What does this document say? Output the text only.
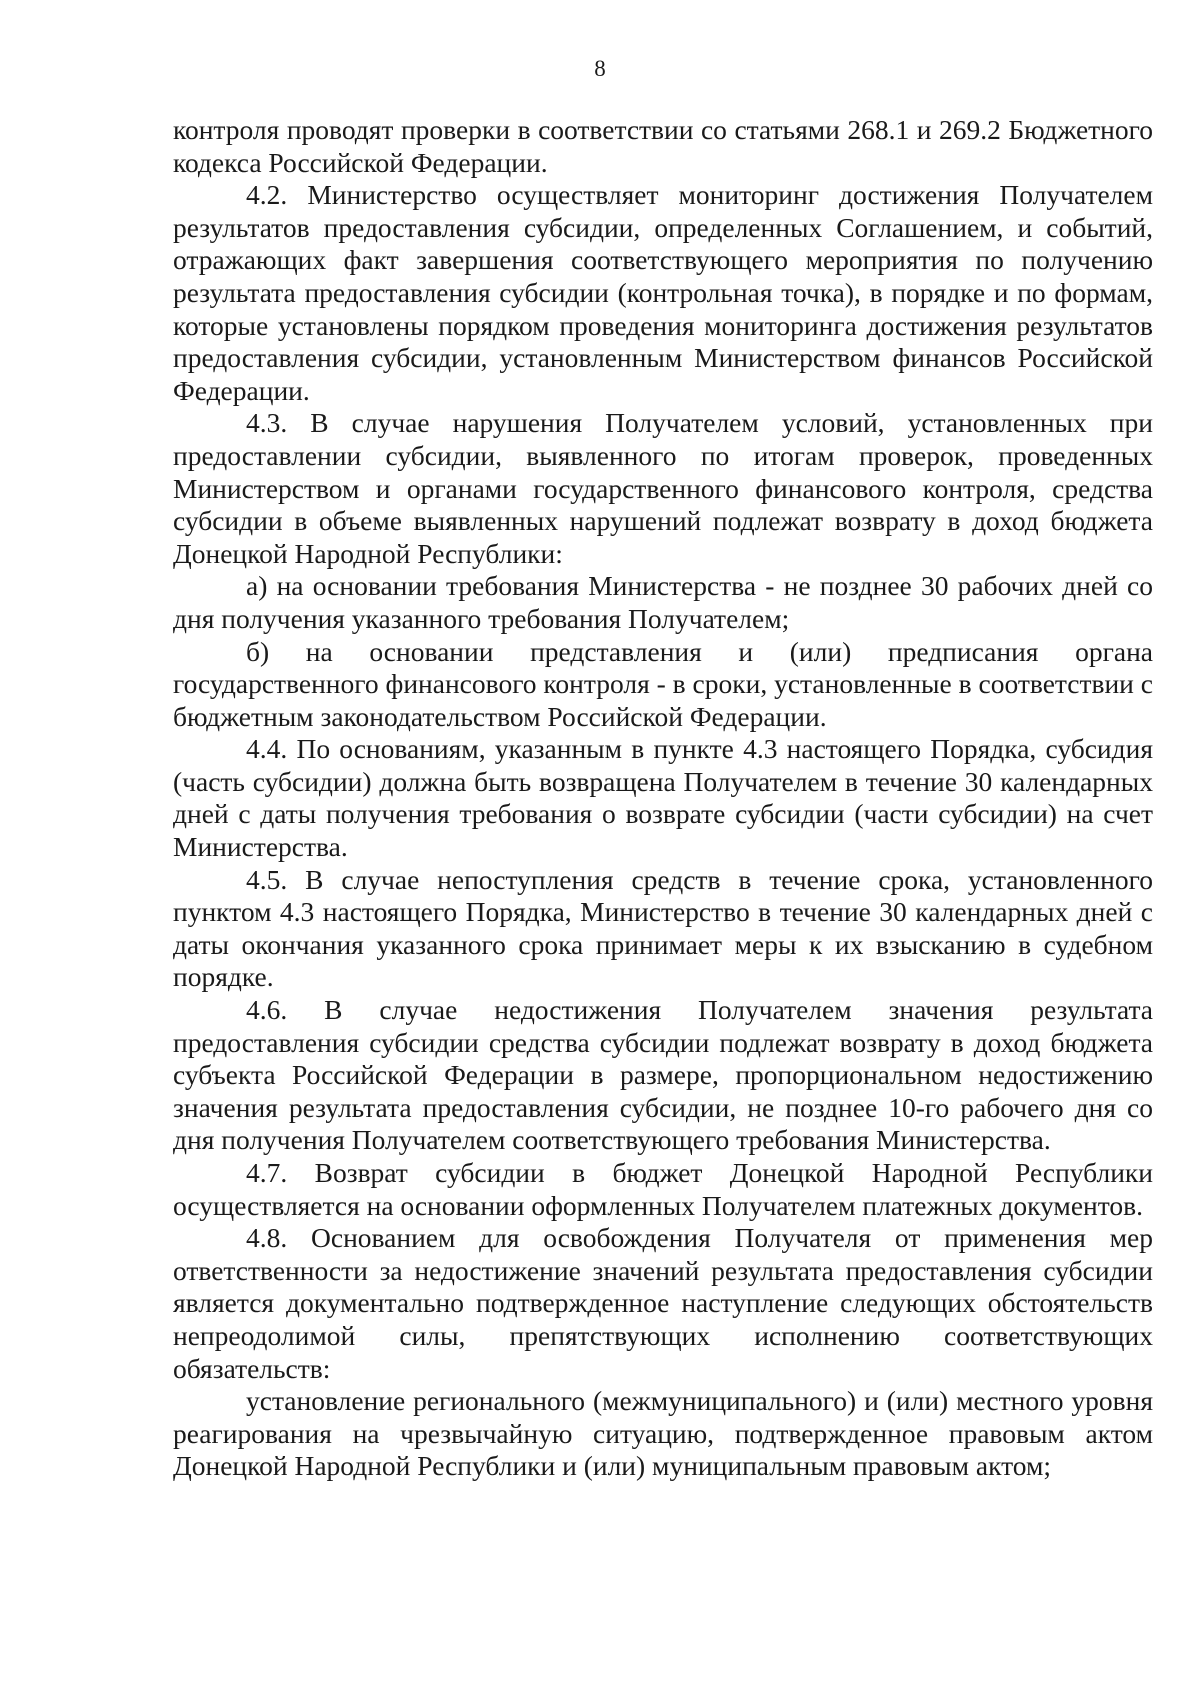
8

контроля проводят проверки в соответствии со статьями 268.1 и 269.2 Бюджетного кодекса Российской Федерации.

4.2. Министерство осуществляет мониторинг достижения Получателем результатов предоставления субсидии, определенных Соглашением, и событий, отражающих факт завершения соответствующего мероприятия по получению результата предоставления субсидии (контрольная точка), в порядке и по формам, которые установлены порядком проведения мониторинга достижения результатов предоставления субсидии, установленным Министерством финансов Российской Федерации.

4.3. В случае нарушения Получателем условий, установленных при предоставлении субсидии, выявленного по итогам проверок, проведенных Министерством и органами государственного финансового контроля, средства субсидии в объеме выявленных нарушений подлежат возврату в доход бюджета Донецкой Народной Республики:

а) на основании требования Министерства - не позднее 30 рабочих дней со дня получения указанного требования Получателем;

б) на основании представления и (или) предписания органа государственного финансового контроля - в сроки, установленные в соответствии с бюджетным законодательством Российской Федерации.

4.4. По основаниям, указанным в пункте 4.3 настоящего Порядка, субсидия (часть субсидии) должна быть возвращена Получателем в течение 30 календарных дней с даты получения требования о возврате субсидии (части субсидии) на счет Министерства.

4.5. В случае непоступления средств в течение срока, установленного пунктом 4.3 настоящего Порядка, Министерство в течение 30 календарных дней с даты окончания указанного срока принимает меры к их взысканию в судебном порядке.

4.6. В случае недостижения Получателем значения результата предоставления субсидии средства субсидии подлежат возврату в доход бюджета субъекта Российской Федерации в размере, пропорциональном недостижению значения результата предоставления субсидии, не позднее 10-го рабочего дня со дня получения Получателем соответствующего требования Министерства.

4.7. Возврат субсидии в бюджет Донецкой Народной Республики осуществляется на основании оформленных Получателем платежных документов.

4.8. Основанием для освобождения Получателя от применения мер ответственности за недостижение значений результата предоставления субсидии является документально подтвержденное наступление следующих обстоятельств непреодолимой силы, препятствующих исполнению соответствующих обязательств:

установление регионального (межмуниципального) и (или) местного уровня реагирования на чрезвычайную ситуацию, подтвержденное правовым актом Донецкой Народной Республики и (или) муниципальным правовым актом;
